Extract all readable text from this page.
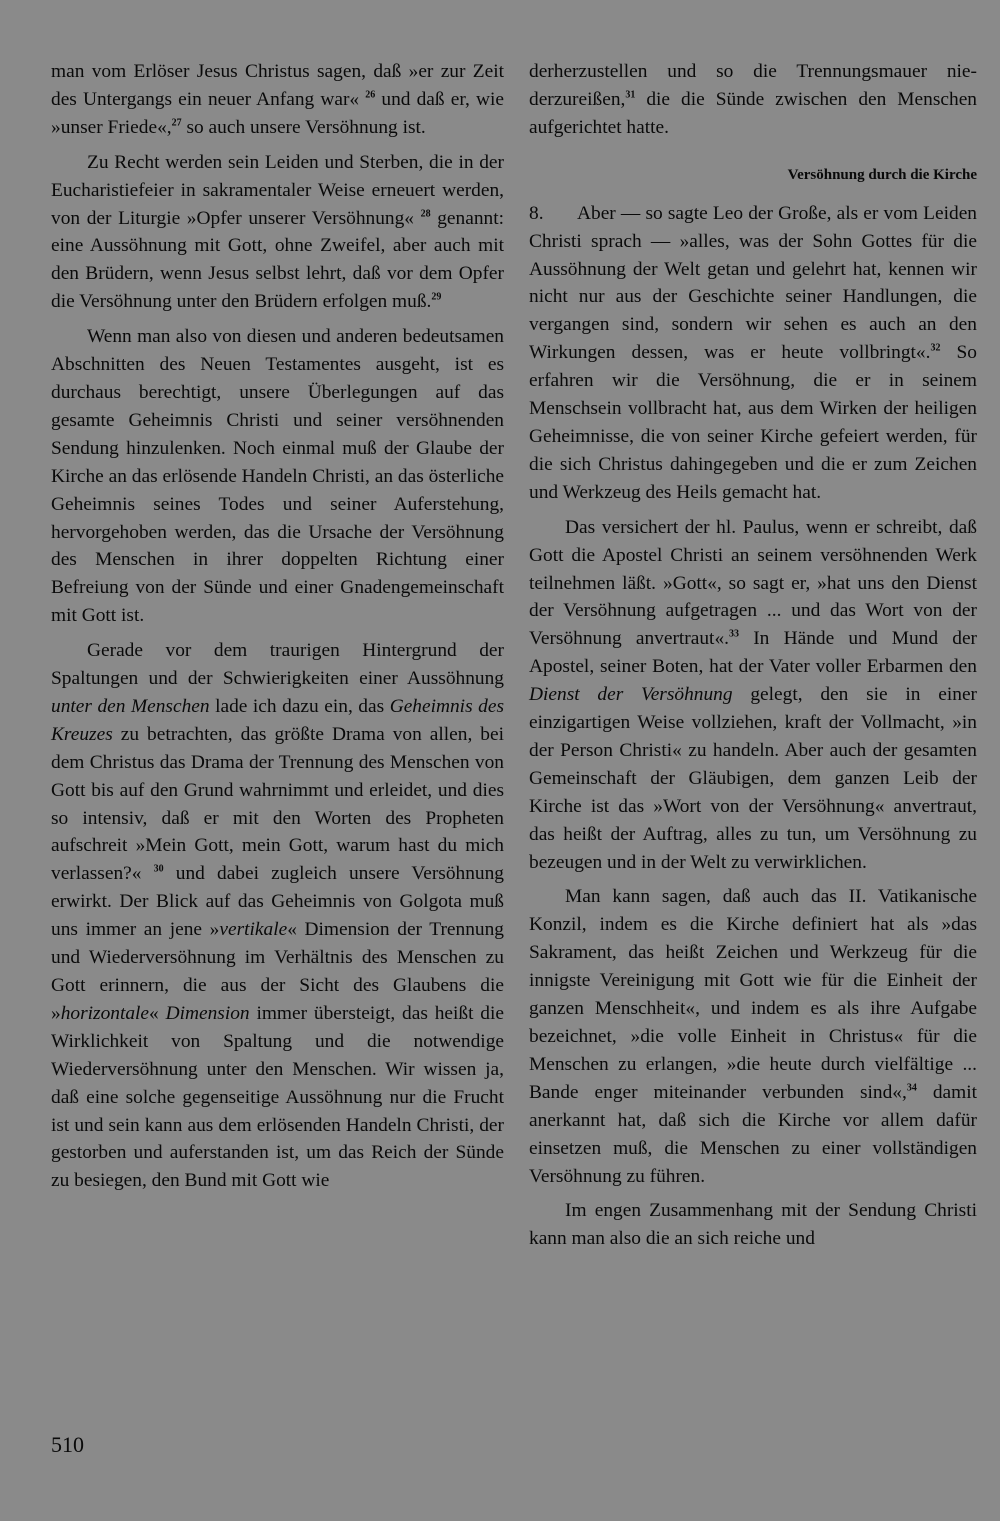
man vom Erlöser Jesus Christus sagen, daß »er zur Zeit des Untergangs ein neuer Anfang war« $^{26}$ und daß er, wie »unser Friede«,$^{27}$ so auch unsere Versöhnung ist.

Zu Recht werden sein Leiden und Sterben, die in der Eucharistiefeier in sakramentaler Weise erneuert werden, von der Liturgie »Opfer unserer Versöhnung« $^{28}$ genannt: eine Aussöhnung mit Gott, ohne Zweifel, aber auch mit den Brüdern, wenn Jesus selbst lehrt, daß vor dem Opfer die Versöhnung unter den Brüdern erfolgen muß.$^{29}$

Wenn man also von diesen und anderen bedeutsamen Abschnitten des Neuen Testamentes ausgeht, ist es durchaus berechtigt, unsere Überlegungen auf das gesamte Geheimnis Christi und seiner versöhnenden Sendung hinzulenken. Noch einmal muß der Glaube der Kirche an das erlösende Handeln Christi, an das österliche Geheimnis seines Todes und seiner Auferstehung, hervorgehoben werden, das die Ursache der Versöhnung des Menschen in ihrer doppelten Richtung einer Befreiung von der Sünde und einer Gnadengemeinschaft mit Gott ist.

Gerade vor dem traurigen Hintergrund der Spaltungen und der Schwierigkeiten einer Aussöhnung unter den Menschen lade ich dazu ein, das Geheimnis des Kreuzes zu betrachten, das größte Drama von allen, bei dem Christus das Drama der Trennung des Menschen von Gott bis auf den Grund wahrnimmt und erleidet, und dies so intensiv, daß er mit den Worten des Propheten aufschreit »Mein Gott, mein Gott, warum hast du mich verlassen?« $^{30}$ und dabei zugleich unsere Versöhnung erwirkt. Der Blick auf das Geheimnis von Golgota muß uns immer an jene »vertikale« Dimension der Trennung und Wiederversöhnung im Verhältnis des Menschen zu Gott erinnern, die aus der Sicht des Glaubens die »horizontale« Dimension immer übersteigt, das heißt die Wirklichkeit von Spaltung und die notwendige Wiederversöhnung unter den Menschen. Wir wissen ja, daß eine solche gegenseitige Aussöhnung nur die Frucht ist und sein kann aus dem erlösenden Handeln Christi, der gestorben und auferstanden ist, um das Reich der Sünde zu besiegen, den Bund mit Gott wie

derherzustellen und so die Trennungsmauer niederzureißen,$^{31}$ die die Sünde zwischen den Menschen aufgerichtet hatte.

Versöhnung durch die Kirche

8. Aber — so sagte Leo der Große, als er vom Leiden Christi sprach — »alles, was der Sohn Gottes für die Aussöhnung der Welt getan und gelehrt hat, kennen wir nicht nur aus der Geschichte seiner Handlungen, die vergangen sind, sondern wir sehen es auch an den Wirkungen dessen, was er heute vollbringt«.$^{32}$ So erfahren wir die Versöhnung, die er in seinem Menschsein vollbracht hat, aus dem Wirken der heiligen Geheimnisse, die von seiner Kirche gefeiert werden, für die sich Christus dahingegeben und die er zum Zeichen und Werkzeug des Heils gemacht hat.

Das versichert der hl. Paulus, wenn er schreibt, daß Gott die Apostel Christi an seinem versöhnenden Werk teilnehmen läßt. »Gott«, so sagt er, »hat uns den Dienst der Versöhnung aufgetragen ... und das Wort von der Versöhnung anvertraut«.$^{33}$ In Hände und Mund der Apostel, seiner Boten, hat der Vater voller Erbarmen den Dienst der Versöhnung gelegt, den sie in einer einzigartigen Weise vollziehen, kraft der Vollmacht, »in der Person Christi« zu handeln. Aber auch der gesamten Gemeinschaft der Gläubigen, dem ganzen Leib der Kirche ist das »Wort von der Versöhnung« anvertraut, das heißt der Auftrag, alles zu tun, um Versöhnung zu bezeugen und in der Welt zu verwirklichen.

Man kann sagen, daß auch das II. Vatikanische Konzil, indem es die Kirche definiert hat als »das Sakrament, das heißt Zeichen und Werkzeug für die innigste Vereinigung mit Gott wie für die Einheit der ganzen Menschheit«, und indem es als ihre Aufgabe bezeichnet, »die volle Einheit in Christus« für die Menschen zu erlangen, »die heute durch vielfältige ... Bande enger miteinander verbunden sind«,$^{34}$ damit anerkannt hat, daß sich die Kirche vor allem dafür einsetzen muß, die Menschen zu einer vollständigen Versöhnung zu führen.

Im engen Zusammenhang mit der Sendung Christi kann man also die an sich reiche und

510
